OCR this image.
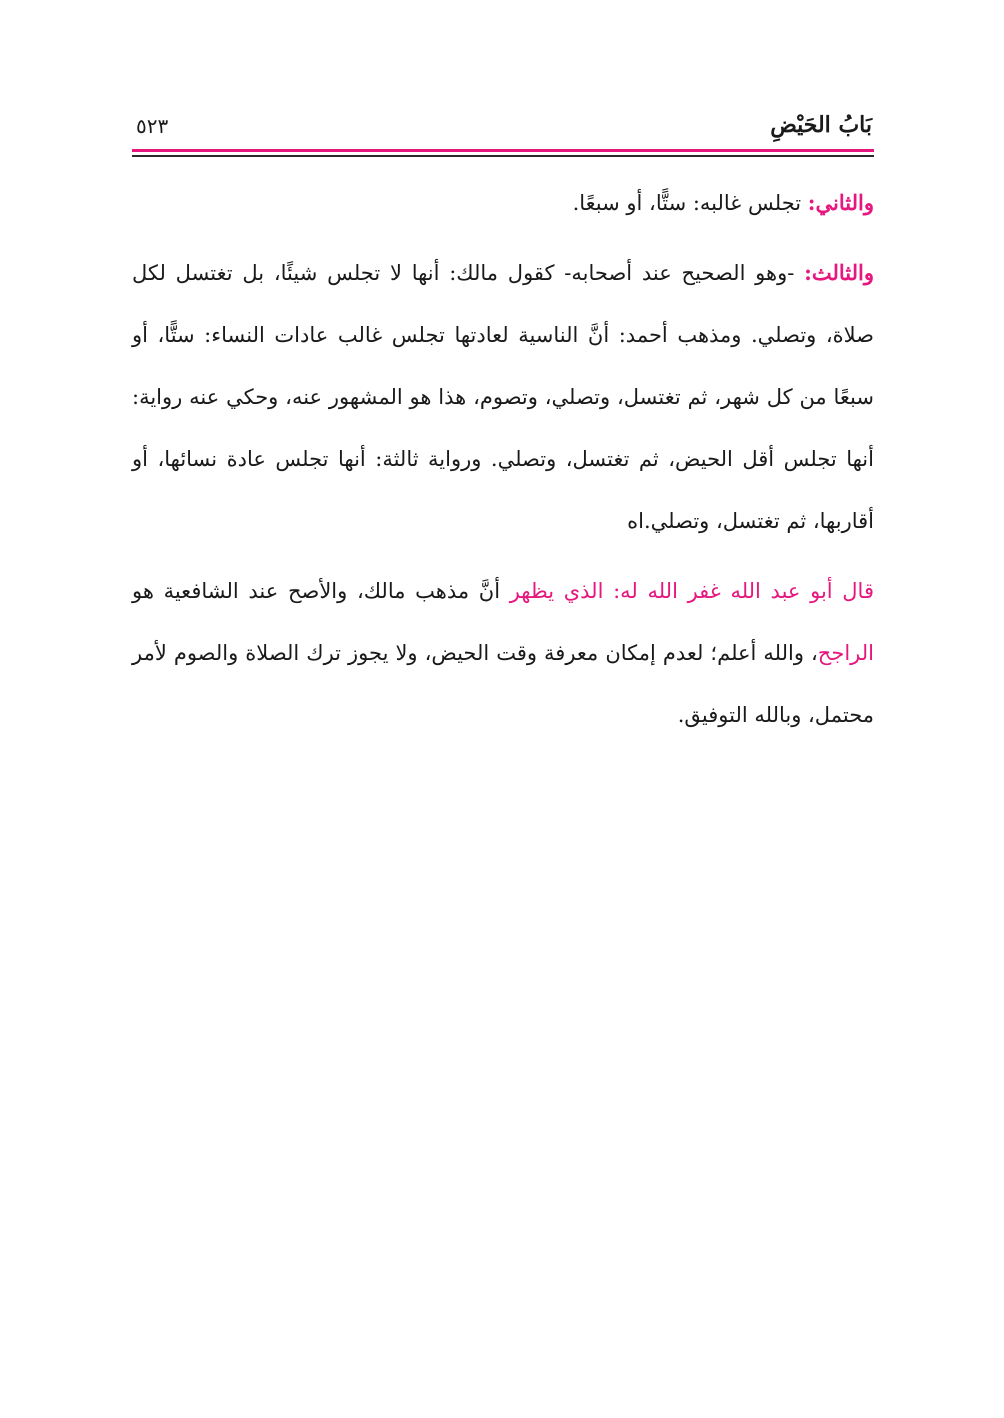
بَابُ الحَيْضِ
٥٢٣

والثاني: تجلس غالبه: ستًّا، أو سبعًا.

والثالث: -وهو الصحيح عند أصحابه- كقول مالك: أنها لا تجلس شيئًا، بل تغتسل لكل صلاة، وتصلي. ومذهب أحمد: أنَّ الناسية لعادتها تجلس غالب عادات النساء: ستًّا، أو سبعًا من كل شهر، ثم تغتسل، وتصلي، وتصوم، هذا هو المشهور عنه، وحكي عنه رواية: أنها تجلس أقل الحيض، ثم تغتسل، وتصلي. ورواية ثالثة: أنها تجلس عادة نسائها، أو أقاربها، ثم تغتسل، وتصلي.اه

قال أبو عبد الله غفر الله له: الذي يظهر أنَّ مذهب مالك، والأصح عند الشافعية هو الراجح، والله أعلم؛ لعدم إمكان معرفة وقت الحيض، ولا يجوز ترك الصلاة والصوم لأمر محتمل، وبالله التوفيق.
